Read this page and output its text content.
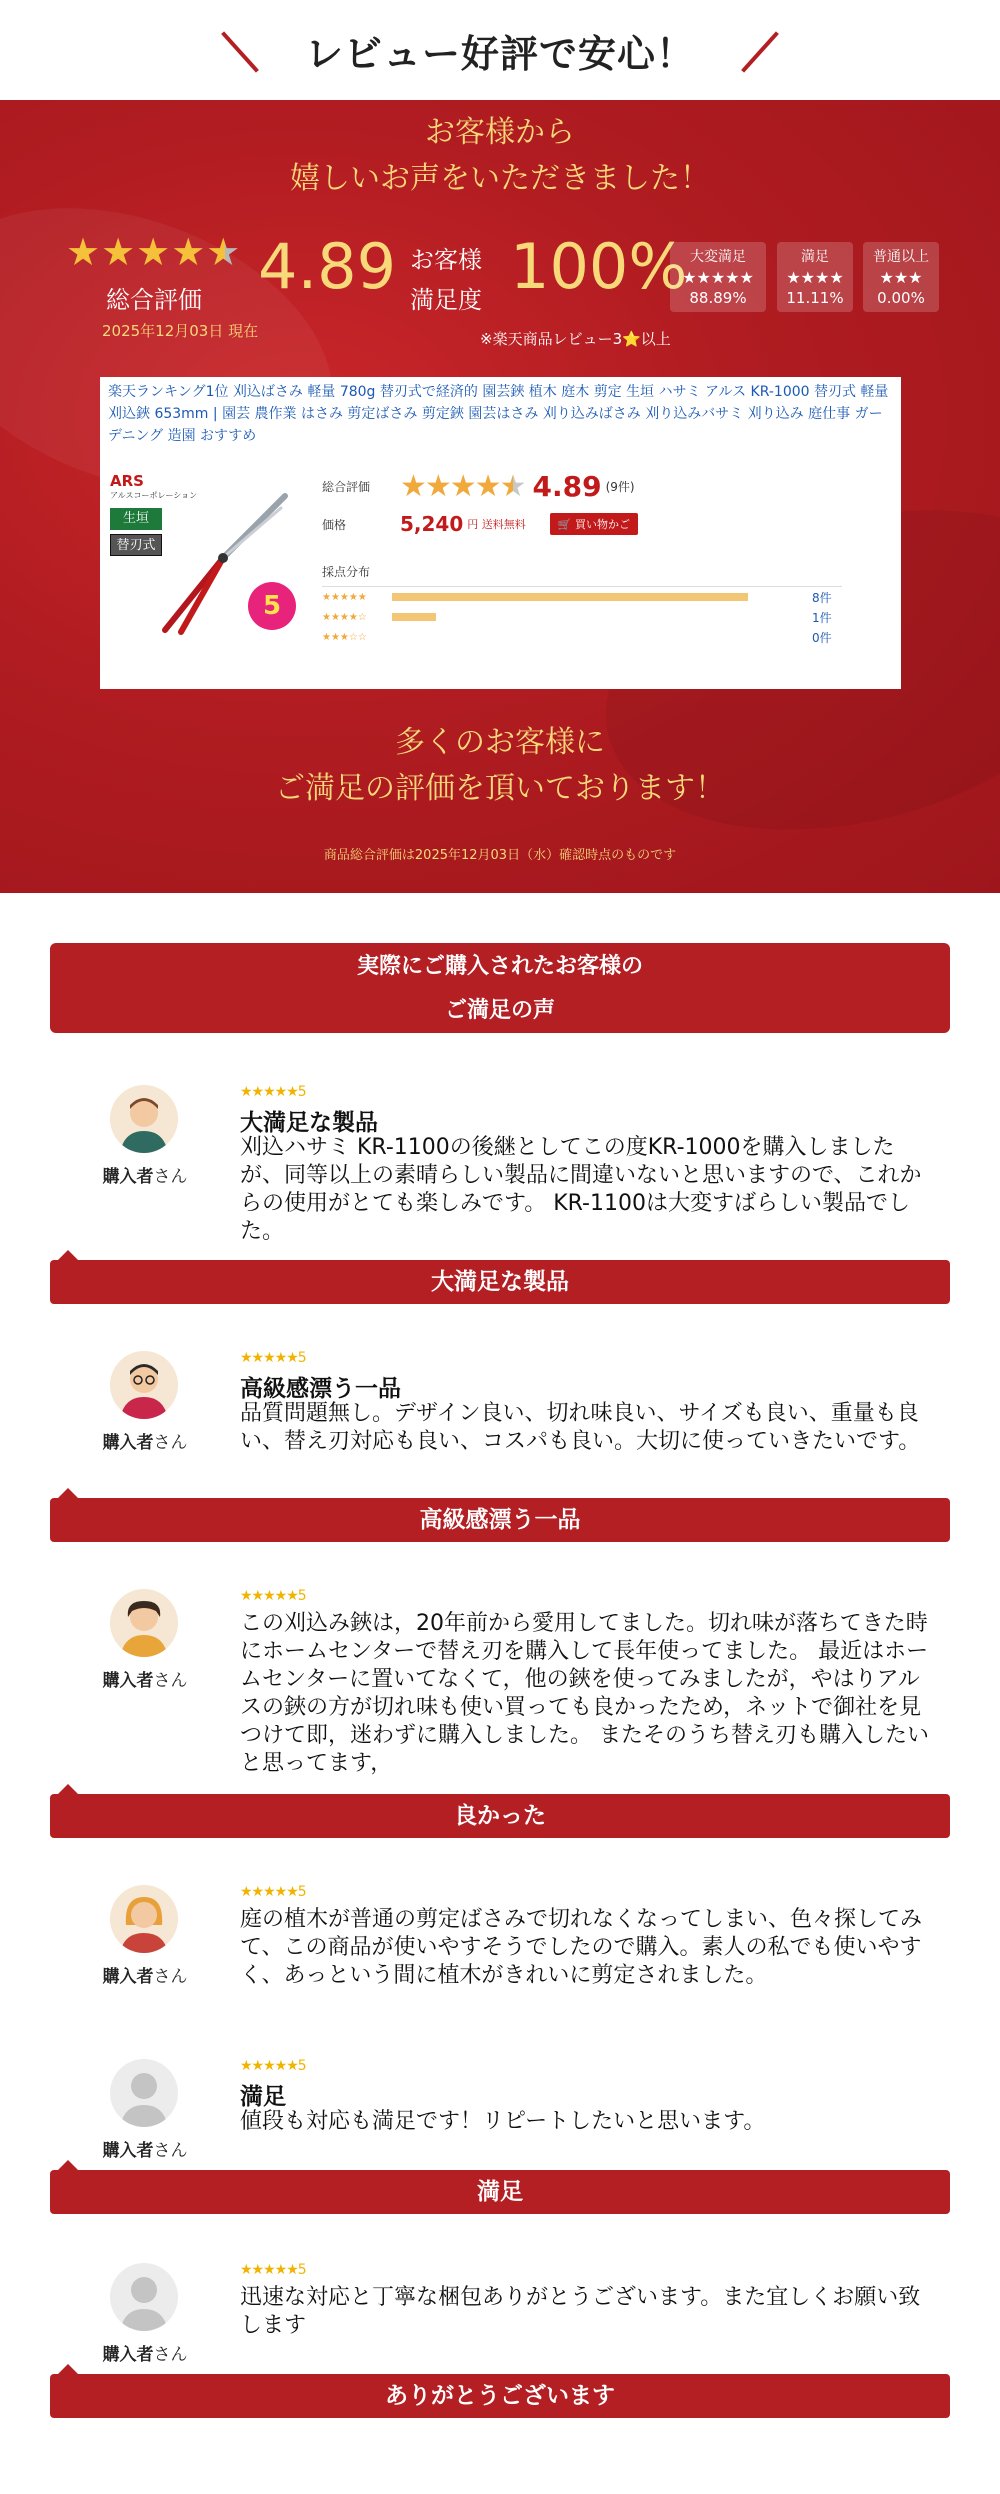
レビュー好評で安心！
お客様から
嬉しいお声をいただきました！
★★★★★
総合評価
2025年12月03日 現在
4.89 お客様
満足度 100%
※楽天商品レビュー3⭐以上
大変満足
★★★★★
88.89%
満足
★★★★
11.11%
普通以上
★★★
0.00%
楽天ランキング1位 刈込ばさみ 軽量 780g 替刃式で経済的 園芸鋏 植木 庭木 剪定 生垣 ハサミ アルス KR-1000 替刃式 軽量刈込鋏 653mm | 園芸 農作業 はさみ 剪定ばさみ 剪定鋏 園芸はさみ 刈り込みばさみ 刈り込みバサミ 刈り込み 庭仕事 ガーデニング 造園 おすすめ
ARS
アルスコーポレーション
生垣
替刃式
5
総合評価 ★★★★★ 4.89 (9件)
価格	5,240 円 送料無料	🛒 買い物かご
採点分布
★★★★★	8件
★★★★☆	1件
★★★☆☆	0件
多くのお客様に
ご満足の評価を頂いております！
商品総合評価は2025年12月03日（水）確認時点のものです
実際にご購入されたお客様の
ご満足の声
購入者さん
★★★★★5
大満足な製品
刈込ハサミ KR-1100の後継としてこの度KR-1000を購入しましたが、同等以上の素晴らしい製品に間違いないと思いますので、これからの使用がとても楽しみです。 KR-1100は大変すばらしい製品でした。
大満足な製品
購入者さん
★★★★★5
高級感漂う一品
品質問題無し。デザイン良い、切れ味良い、サイズも良い、重量も良い、替え刃対応も良い、コスパも良い。大切に使っていきたいです。
高級感漂う一品
購入者さん
★★★★★5
この刈込み鋏は，20年前から愛用してました。切れ味が落ちてきた時にホームセンターで替え刃を購入して長年使ってました。 最近はホームセンターに置いてなくて，他の鋏を使ってみましたが，やはりアルスの鋏の方が切れ味も使い買っても良かったため，ネットで御社を見つけて即，迷わずに購入しました。 またそのうち替え刃も購入したいと思ってます，
良かった
購入者さん
★★★★★5
庭の植木が普通の剪定ばさみで切れなくなってしまい、色々探してみて、この商品が使いやすそうでしたので購入。素人の私でも使いやすく、あっという間に植木がきれいに剪定されました。
購入者さん
★★★★★5
満足
値段も対応も満足です！リピートしたいと思います。
満足
購入者さん
★★★★★5
迅速な対応と丁寧な梱包ありがとうございます。また宜しくお願い致します
ありがとうございます
